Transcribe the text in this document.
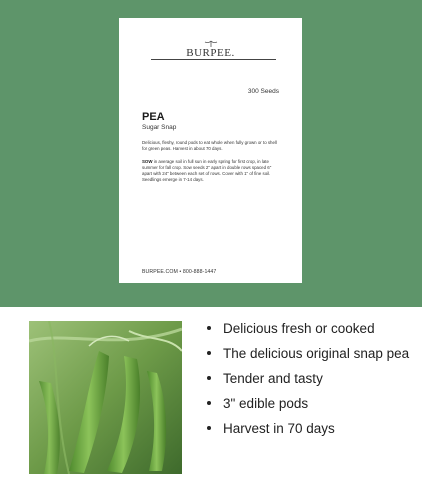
BURPEE.
300 Seeds
PEA
Sugar Snap
Delicious, fleshy, round pods to eat whole when fully grown or to shell for green peas. Harvest in about 70 days.
SOW in average soil in full sun in early spring for first crop, in late summer for fall crop. Sow seeds 2" apart in double rows spaced 6" apart with 24" between each set of rows. Cover with 1" of fine soil. Seedlings emerge in 7-14 days.
BURPEE.COM • 800-888-1447
Delicious fresh or cooked
The delicious original snap pea
Tender and tasty
3" edible pods
Harvest in 70 days
